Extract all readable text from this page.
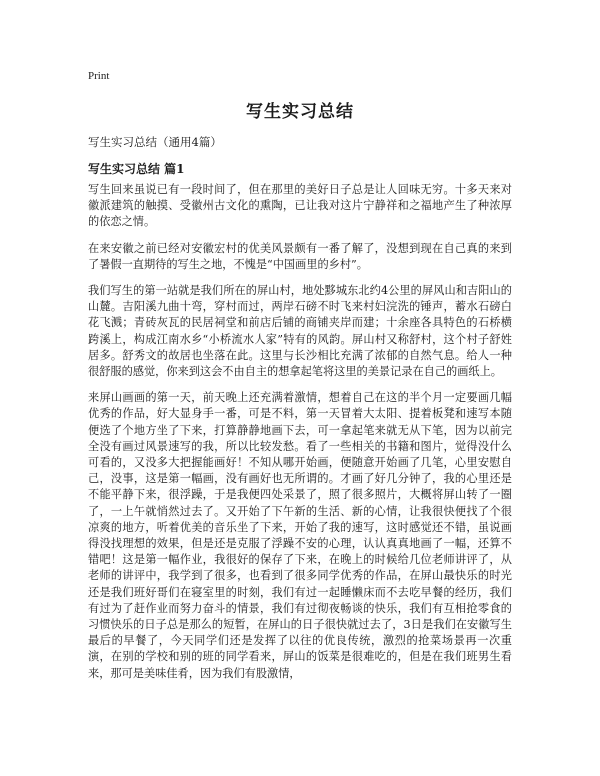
Print
写生实习总结

写生实习总结（通用4篇）

写生实习总结 篇1

写生回来虽说已有一段时间了，但在那里的美好日子总是让人回味无穷。十多天来对徽派建筑的触摸、受徽州古文化的熏陶，已让我对这片宁静祥和之福地产生了种浓厚的依恋之情。

在来安徽之前已经对安徽宏村的优美风景颇有一番了解了，没想到现在自己真的来到了暑假一直期待的写生之地，不愧是“中国画里的乡村”。

我们写生的第一站就是我们所在的屏山村，地处黟城东北约4公里的屏风山和吉阳山的山麓。吉阳溪九曲十弯，穿村而过，两岸石磅不时飞来村妇浣洗的锤声，蓄水石磅白花飞溅；青砖灰瓦的民居祠堂和前店后铺的商铺夹岸而建；十余座各具特色的石桥横跨溪上，构成江南水乡“小桥流水人家”特有的风韵。屏山村又称舒村，这个村子舒姓居多。舒秀文的故居也坐落在此。这里与长沙相比充满了浓郁的自然气息。给人一种很舒服的感觉，你来到这会不由自主的想拿起笔将这里的美景记录在自己的画纸上。

来屏山画画的第一天，前天晚上还充满着激情，想着自己在这的半个月一定要画几幅优秀的作品，好大显身手一番，可是不料，第一天冒着大太阳、提着板凳和速写本随便选了个地方坐了下来，打算静静地画下去，可一拿起笔来就无从下笔，因为以前完全没有画过风景速写的我，所以比较发愁。看了一些相关的书籍和图片，觉得没什么可看的，又没多大把握能画好！不知从哪开始画，便随意开始画了几笔，心里安慰自己，没事，这是第一幅画，没有画好也无所谓的。才画了好几分钟了，我的心里还是不能平静下来，很浮躁，于是我便四处采景了，照了很多照片，大概将屏山转了一圈了，一上午就悄然过去了。又开始了下午新的生活、新的心情，让我很快便找了个很凉爽的地方，听着优美的音乐坐了下来，开始了我的速写，这时感觉还不错，虽说画得没找理想的效果，但是还是克服了浮躁不安的心理，认认真真地画了一幅，还算不错吧！这是第一幅作业，我很好的保存了下来，在晚上的时候给几位老师讲评了，从老师的讲评中，我学到了很多，也看到了很多同学优秀的作品，在屏山最快乐的时光还是我们班好哥们在寝室里的时刻，我们有过一起睡懒床而不去吃早餐的经历，我们有过为了赶作业而努力奋斗的情景，我们有过彻夜畅谈的快乐，我们有互相抢零食的习惯快乐的日子总是那么的短暂，在屏山的日子很快就过去了，3日是我们在安徽写生最后的早餐了，今天同学们还是发挥了以往的优良传统，激烈的抢菜场景再一次重演，在别的学校和别的班的同学看来，屏山的饭菜是很难吃的，但是在我们班男生看来，那可是美味佳肴，因为我们有股激情，
